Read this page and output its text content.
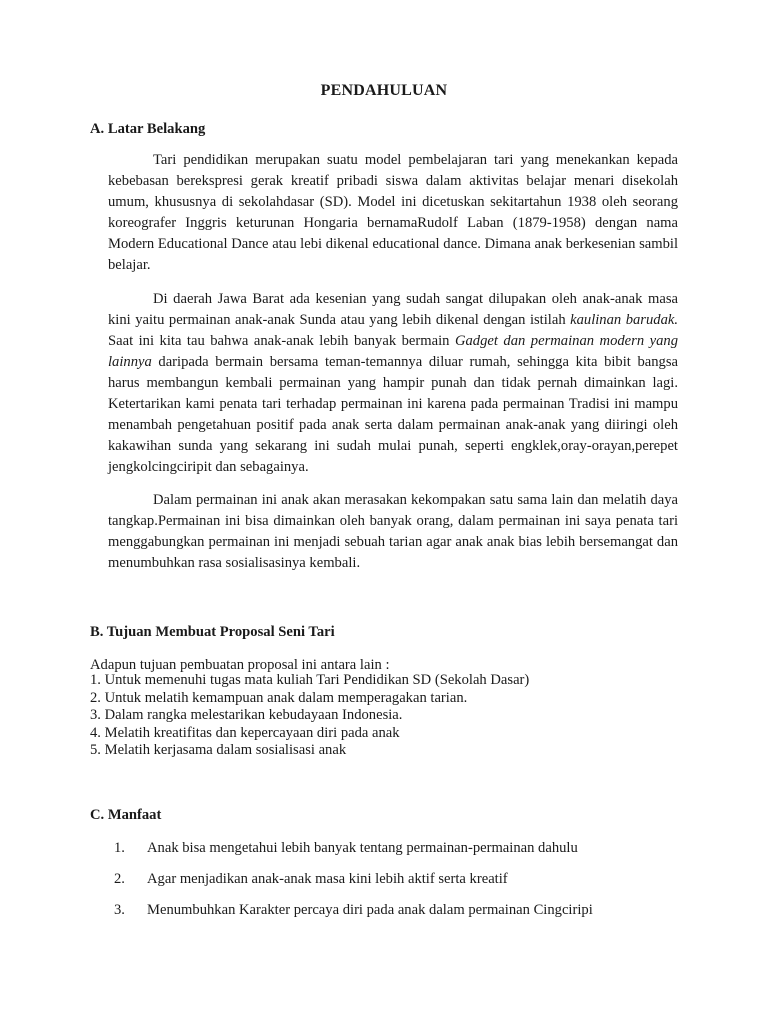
PENDAHULUAN
A. Latar Belakang

Tari pendidikan merupakan suatu model pembelajaran tari yang menekankan kepada kebebasan berekspresi gerak kreatif pribadi siswa dalam aktivitas belajar menari disekolah umum, khususnya di sekolahdasar (SD). Model ini dicetuskan sekitartahun 1938 oleh seorang koreografer Inggris keturunan Hongaria bernamaRudolf Laban (1879-1958) dengan nama Modern Educational Dance atau lebi dikenal educational dance. Dimana anak berkesenian sambil belajar.

Di daerah Jawa Barat ada kesenian yang sudah sangat dilupakan oleh anak-anak masa kini yaitu permainan anak-anak Sunda atau yang lebih dikenal dengan istilah kaulinan barudak. Saat ini kita tau bahwa anak-anak lebih banyak bermain Gadget dan permainan modern yang lainnya daripada bermain bersama teman-temannya diluar rumah, sehingga kita bibit bangsa harus membangun kembali permainan yang hampir punah dan tidak pernah dimainkan lagi. Ketertarikan kami penata tari terhadap permainan ini karena pada permainan Tradisi ini mampu menambah pengetahuan positif pada anak serta dalam permainan anak-anak yang diiringi oleh kakawihan sunda yang sekarang ini sudah mulai punah, seperti engklek,oray-orayan,perepet jengkolcingciripit dan sebagainya.

Dalam permainan ini anak akan merasakan kekompakan satu sama lain dan melatih daya tangkap.Permainan ini bisa dimainkan oleh banyak orang, dalam permainan ini saya penata tari menggabungkan permainan ini menjadi sebuah tarian agar anak anak bias lebih bersemangat dan menumbuhkan rasa sosialisasinya kembali.

B. Tujuan Membuat Proposal Seni Tari

Adapun tujuan pembuatan proposal ini antara lain :

1. Untuk memenuhi tugas mata kuliah Tari Pendidikan SD (Sekolah Dasar)
2. Untuk melatih kemampuan anak dalam memperagakan tarian.
3. Dalam rangka melestarikan kebudayaan Indonesia.
4. Melatih kreatifitas dan kepercayaan diri pada anak
5. Melatih kerjasama dalam sosialisasi anak
C. Manfaat
1. Anak bisa mengetahui lebih banyak tentang permainan-permainan dahulu
2. Agar menjadikan anak-anak masa kini lebih aktif serta kreatif
3. Menumbuhkan Karakter percaya diri pada anak dalam permainan Cingciripi
